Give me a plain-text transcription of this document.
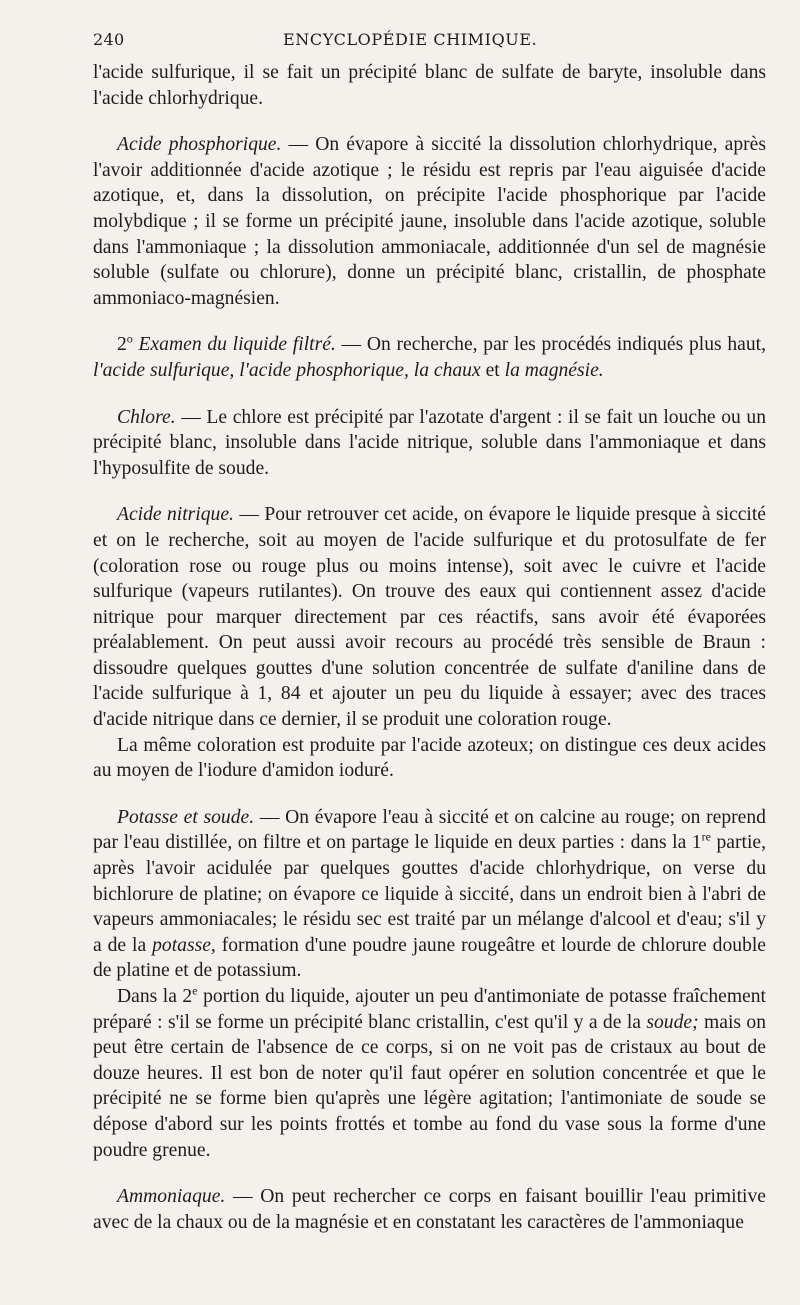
240	ENCYCLOPÉDIE CHIMIQUE.

l'acide sulfurique, il se fait un précipité blanc de sulfate de baryte, insoluble dans l'acide chlorhydrique.

Acide phosphorique. — On évapore à siccité la dissolution chlorhydrique, après l'avoir additionnée d'acide azotique ; le résidu est repris par l'eau aiguisée d'acide azotique, et, dans la dissolution, on précipite l'acide phosphorique par l'acide molybdique ; il se forme un précipité jaune, insoluble dans l'acide azotique, soluble dans l'ammoniaque ; la dissolution ammoniacale, additionnée d'un sel de magnésie soluble (sulfate ou chlorure), donne un précipité blanc, cristallin, de phosphate ammoniaco-magnésien.

2$^o$ Examen du liquide filtré. — On recherche, par les procédés indiqués plus haut, l'acide sulfurique, l'acide phosphorique, la chaux et la magnésie.

Chlore. — Le chlore est précipité par l'azotate d'argent : il se fait un louche ou un précipité blanc, insoluble dans l'acide nitrique, soluble dans l'ammoniaque et dans l'hyposulfite de soude.

Acide nitrique. — Pour retrouver cet acide, on évapore le liquide presque à siccité et on le recherche, soit au moyen de l'acide sulfurique et du protosulfate de fer (coloration rose ou rouge plus ou moins intense), soit avec le cuivre et l'acide sulfurique (vapeurs rutilantes). On trouve des eaux qui contiennent assez d'acide nitrique pour marquer directement par ces réactifs, sans avoir été évaporées préalablement. On peut aussi avoir recours au procédé très sensible de Braun : dissoudre quelques gouttes d'une solution concentrée de sulfate d'aniline dans de l'acide sulfurique à 1, 84 et ajouter un peu du liquide à essayer; avec des traces d'acide nitrique dans ce dernier, il se produit une coloration rouge.

La même coloration est produite par l'acide azoteux; on distingue ces deux acides au moyen de l'iodure d'amidon ioduré.

Potasse et soude. — On évapore l'eau à siccité et on calcine au rouge; on reprend par l'eau distillée, on filtre et on partage le liquide en deux parties : dans la 1re partie, après l'avoir acidulée par quelques gouttes d'acide chlorhydrique, on verse du bichlorure de platine; on évapore ce liquide à siccité, dans un endroit bien à l'abri de vapeurs ammoniacales; le résidu sec est traité par un mélange d'alcool et d'eau; s'il y a de la potasse, formation d'une poudre jaune rougeâtre et lourde de chlorure double de platine et de potassium.

Dans la 2e portion du liquide, ajouter un peu d'antimoniate de potasse fraîchement préparé : s'il se forme un précipité blanc cristallin, c'est qu'il y a de la soude; mais on peut être certain de l'absence de ce corps, si on ne voit pas de cristaux au bout de douze heures. Il est bon de noter qu'il faut opérer en solution concentrée et que le précipité ne se forme bien qu'après une légère agitation; l'antimoniate de soude se dépose d'abord sur les points frottés et tombe au fond du vase sous la forme d'une poudre grenue.

Ammoniaque. — On peut rechercher ce corps en faisant bouillir l'eau primitive avec de la chaux ou de la magnésie et en constatant les caractères de l'ammoniaque
